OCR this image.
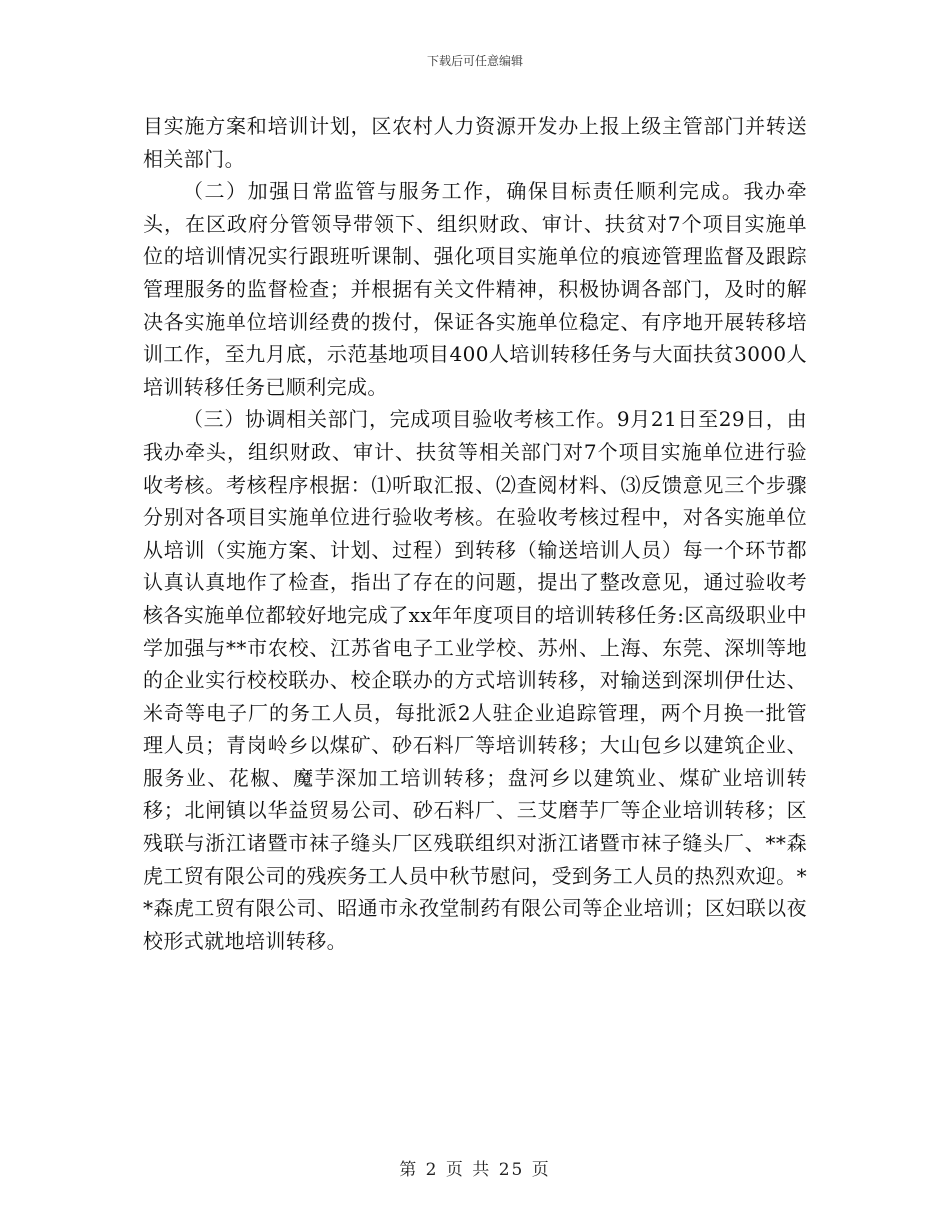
下载后可任意编辑

目实施方案和培训计划，区农村人力资源开发办上报上级主管部门并转送相关部门。

（二）加强日常监管与服务工作，确保目标责任顺利完成。我办牵头，在区政府分管领导带领下、组织财政、审计、扶贫对7个项目实施单位的培训情况实行跟班听课制、强化项目实施单位的痕迹管理监督及跟踪管理服务的监督检查；并根据有关文件精神，积极协调各部门，及时的解决各实施单位培训经费的拨付，保证各实施单位稳定、有序地开展转移培训工作，至九月底，示范基地项目400人培训转移任务与大面扶贫3000人培训转移任务已顺利完成。

（三）协调相关部门，完成项目验收考核工作。9月21日至29日，由我办牵头，组织财政、审计、扶贫等相关部门对7个项目实施单位进行验收考核。考核程序根据：⑴听取汇报、⑵查阅材料、⑶反馈意见三个步骤分别对各项目实施单位进行验收考核。在验收考核过程中，对各实施单位从培训（实施方案、计划、过程）到转移（输送培训人员）每一个环节都认真认真地作了检查，指出了存在的问题，提出了整改意见，通过验收考核各实施单位都较好地完成了xx年年度项目的培训转移任务:区高级职业中学加强与**市农校、江苏省电子工业学校、苏州、上海、东莞、深圳等地的企业实行校校联办、校企联办的方式培训转移，对输送到深圳伊仕达、米奇等电子厂的务工人员，每批派2人驻企业追踪管理，两个月换一批管理人员；青岗岭乡以煤矿、砂石料厂等培训转移；大山包乡以建筑企业、服务业、花椒、魔芋深加工培训转移；盘河乡以建筑业、煤矿业培训转移；北闸镇以华益贸易公司、砂石料厂、三艾磨芋厂等企业培训转移；区残联与浙江诸暨市袜子缝头厂区残联组织对浙江诸暨市袜子缝头厂、**森虎工贸有限公司的残疾务工人员中秋节慰问，受到务工人员的热烈欢迎。**森虎工贸有限公司、昭通市永孜堂制药有限公司等企业培训；区妇联以夜校形式就地培训转移。

第 2 页 共 25 页
